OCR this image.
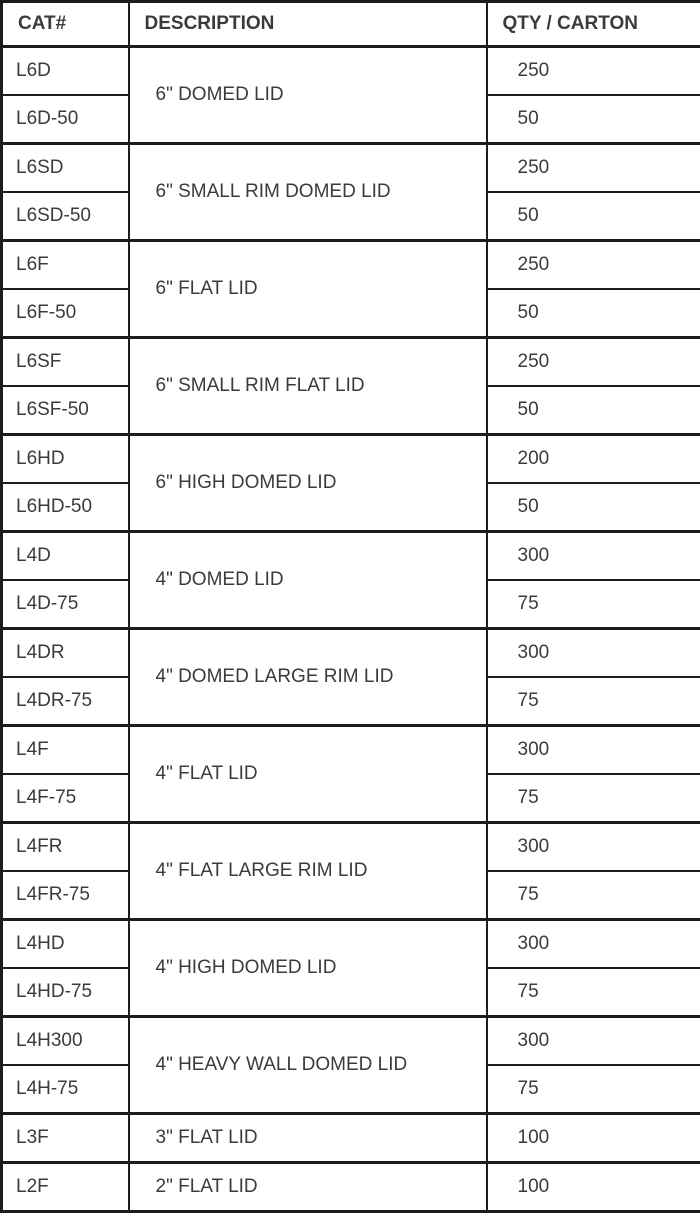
CAT#	DESCRIPTION	QTY / CARTON
L6D	6" DOMED LID	250
L6D-50		50
L6SD	6" SMALL RIM DOMED LID	250
L6SD-50		50
L6F	6" FLAT LID	250
L6F-50		50
L6SF	6" SMALL RIM FLAT LID	250
L6SF-50		50
L6HD	6" HIGH DOMED LID	200
L6HD-50		50
L4D	4" DOMED LID	300
L4D-75		75
L4DR	4" DOMED LARGE RIM LID	300
L4DR-75		75
L4F	4" FLAT LID	300
L4F-75		75
L4FR	4" FLAT LARGE RIM LID	300
L4FR-75		75
L4HD	4" HIGH DOMED LID	300
L4HD-75		75
L4H300	4" HEAVY WALL DOMED LID	300
L4H-75		75
L3F	3" FLAT LID	100
L2F	2" FLAT LID	100
